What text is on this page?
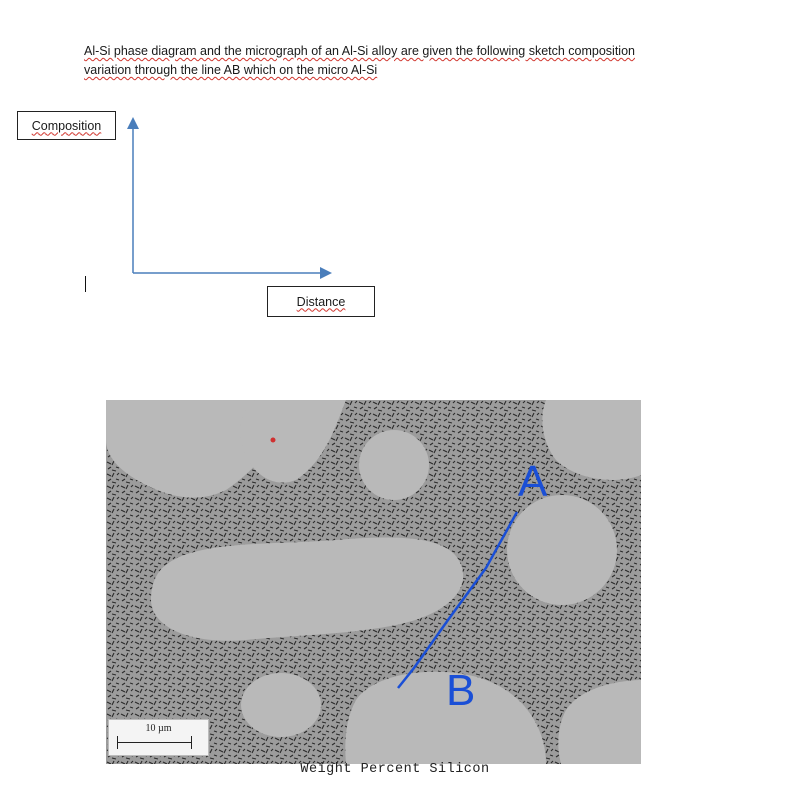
Al-Si phase diagram and the micrograph of an Al-Si alloy are given the following sketch composition
variation through the line AB which on the micro Al-Si
Composition
Distance
A
B
10 µm
Weight Percent Silicon
